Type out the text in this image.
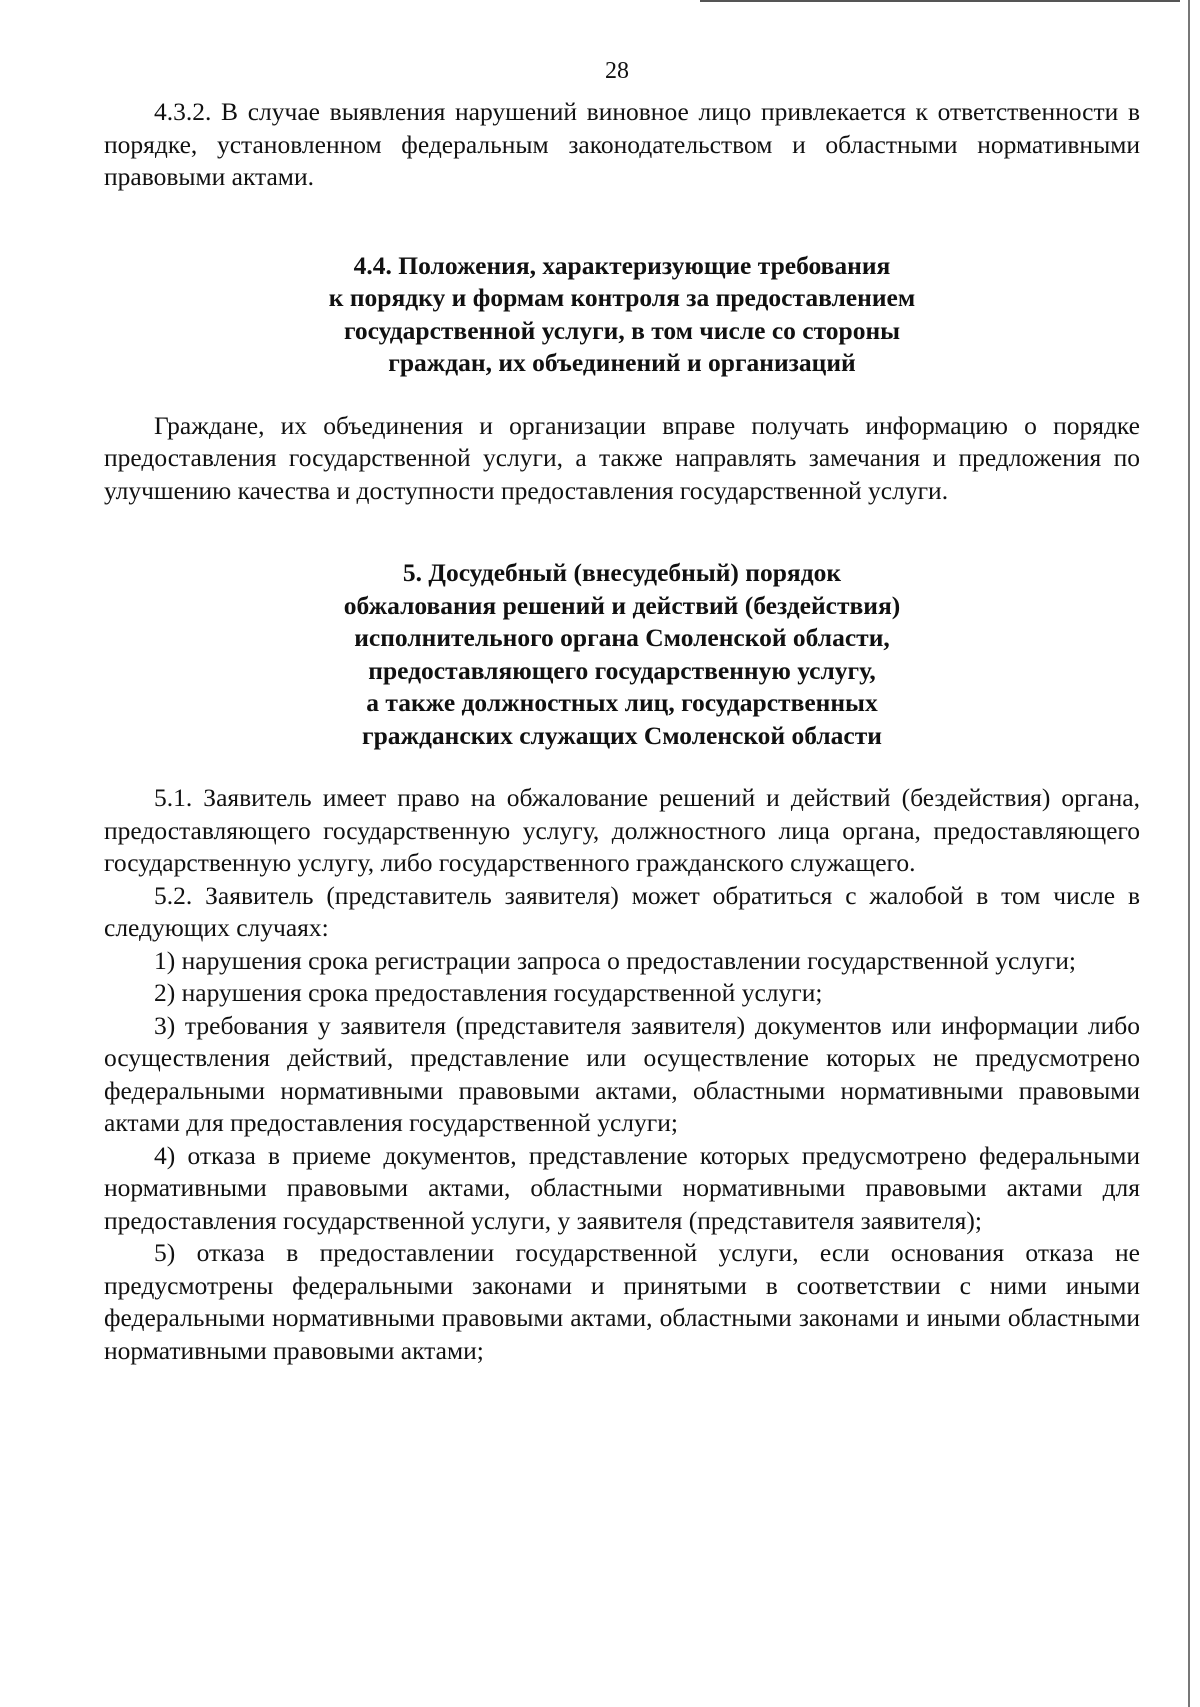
28

4.3.2. В случае выявления нарушений виновное лицо привлекается к ответственности в порядке, установленном федеральным законодательством и областными нормативными правовыми актами.

4.4. Положения, характеризующие требования
к порядку и формам контроля за предоставлением
государственной услуги, в том числе со стороны
граждан, их объединений и организаций

Граждане, их объединения и организации вправе получать информацию о порядке предоставления государственной услуги, а также направлять замечания и предложения по улучшению качества и доступности предоставления государственной услуги.

5. Досудебный (внесудебный) порядок
обжалования решений и действий (бездействия)
исполнительного органа Смоленской области,
предоставляющего государственную услугу,
а также должностных лиц, государственных
гражданских служащих Смоленской области

5.1. Заявитель имеет право на обжалование решений и действий (бездействия) органа, предоставляющего государственную услугу, должностного лица органа, предоставляющего государственную услугу, либо государственного гражданского служащего.

5.2. Заявитель (представитель заявителя) может обратиться с жалобой в том числе в следующих случаях:

1) нарушения срока регистрации запроса о предоставлении государственной услуги;

2) нарушения срока предоставления государственной услуги;

3) требования у заявителя (представителя заявителя) документов или информации либо осуществления действий, представление или осуществление которых не предусмотрено федеральными нормативными правовыми актами, областными нормативными правовыми актами для предоставления государственной услуги;

4) отказа в приеме документов, представление которых предусмотрено федеральными нормативными правовыми актами, областными нормативными правовыми актами для предоставления государственной услуги, у заявителя (представителя заявителя);

5) отказа в предоставлении государственной услуги, если основания отказа не предусмотрены федеральными законами и принятыми в соответствии с ними иными федеральными нормативными правовыми актами, областными законами и иными областными нормативными правовыми актами;
